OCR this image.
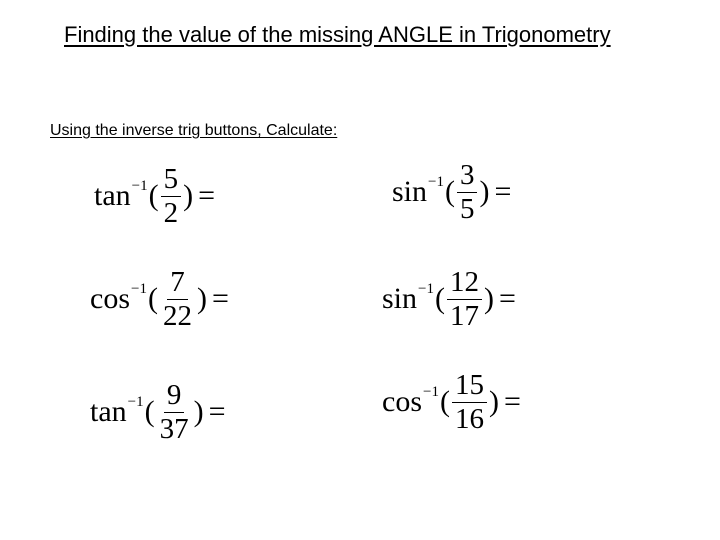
Finding the value of the missing ANGLE in Trigonometry
Using the inverse trig buttons, Calculate:
$\tan^{-1}$ ( $\frac{5}{2}$ ) =	$\sin^{-1}$ ( $\frac{3}{5}$ ) =
$\cos^{-1}$ ( $\frac{7}{22}$ ) =	$\sin^{-1}$ ( $\frac{12}{17}$ ) =
$\tan^{-1}$ ( $\frac{9}{37}$ ) =	$\cos^{-1}$ ( $\frac{15}{16}$ ) =
